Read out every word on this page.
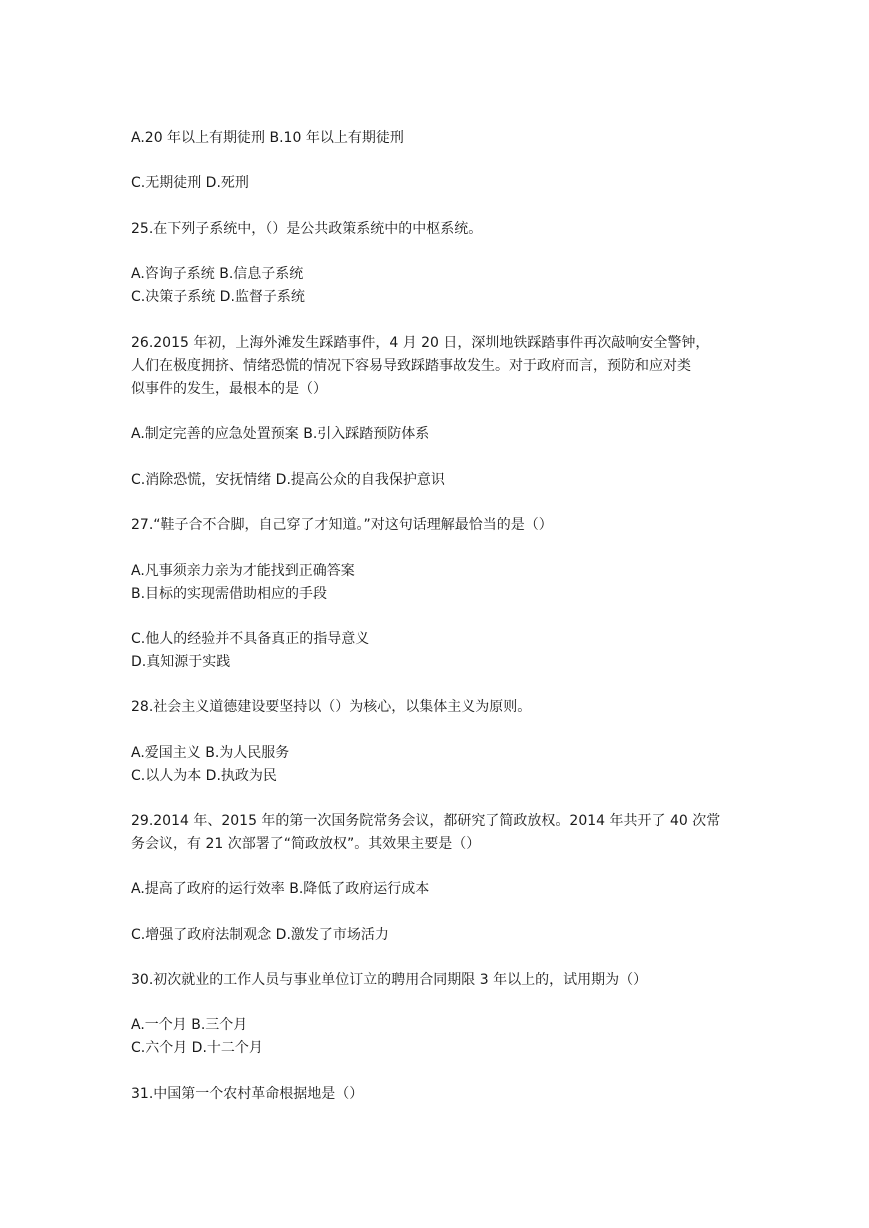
A.20 年以上有期徒刑 B.10 年以上有期徒刑
C.无期徒刑 D.死刑
25.在下列子系统中，（）是公共政策系统中的中枢系统。
A.咨询子系统 B.信息子系统
C.决策子系统 D.监督子系统
26.2015 年初，上海外滩发生踩踏事件，4 月 20 日，深圳地铁踩踏事件再次敲响安全警钟，
人们在极度拥挤、情绪恐慌的情况下容易导致踩踏事故发生。对于政府而言，预防和应对类
似事件的发生，最根本的是（）
A.制定完善的应急处置预案 B.引入踩踏预防体系
C.消除恐慌，安抚情绪 D.提高公众的自我保护意识
27.“鞋子合不合脚，自己穿了才知道。”对这句话理解最恰当的是（）
A.凡事须亲力亲为才能找到正确答案
B.目标的实现需借助相应的手段
C.他人的经验并不具备真正的指导意义
D.真知源于实践
28.社会主义道德建设要坚持以（）为核心，以集体主义为原则。
A.爱国主义 B.为人民服务
C.以人为本 D.执政为民
29.2014 年、2015 年的第一次国务院常务会议，都研究了简政放权。2014 年共开了 40 次常
务会议，有 21 次部署了“简政放权”。其效果主要是（）
A.提高了政府的运行效率 B.降低了政府运行成本
C.增强了政府法制观念 D.激发了市场活力
30.初次就业的工作人员与事业单位订立的聘用合同期限 3 年以上的，试用期为（）
A.一个月 B.三个月
C.六个月 D.十二个月
31.中国第一个农村革命根据地是（）
